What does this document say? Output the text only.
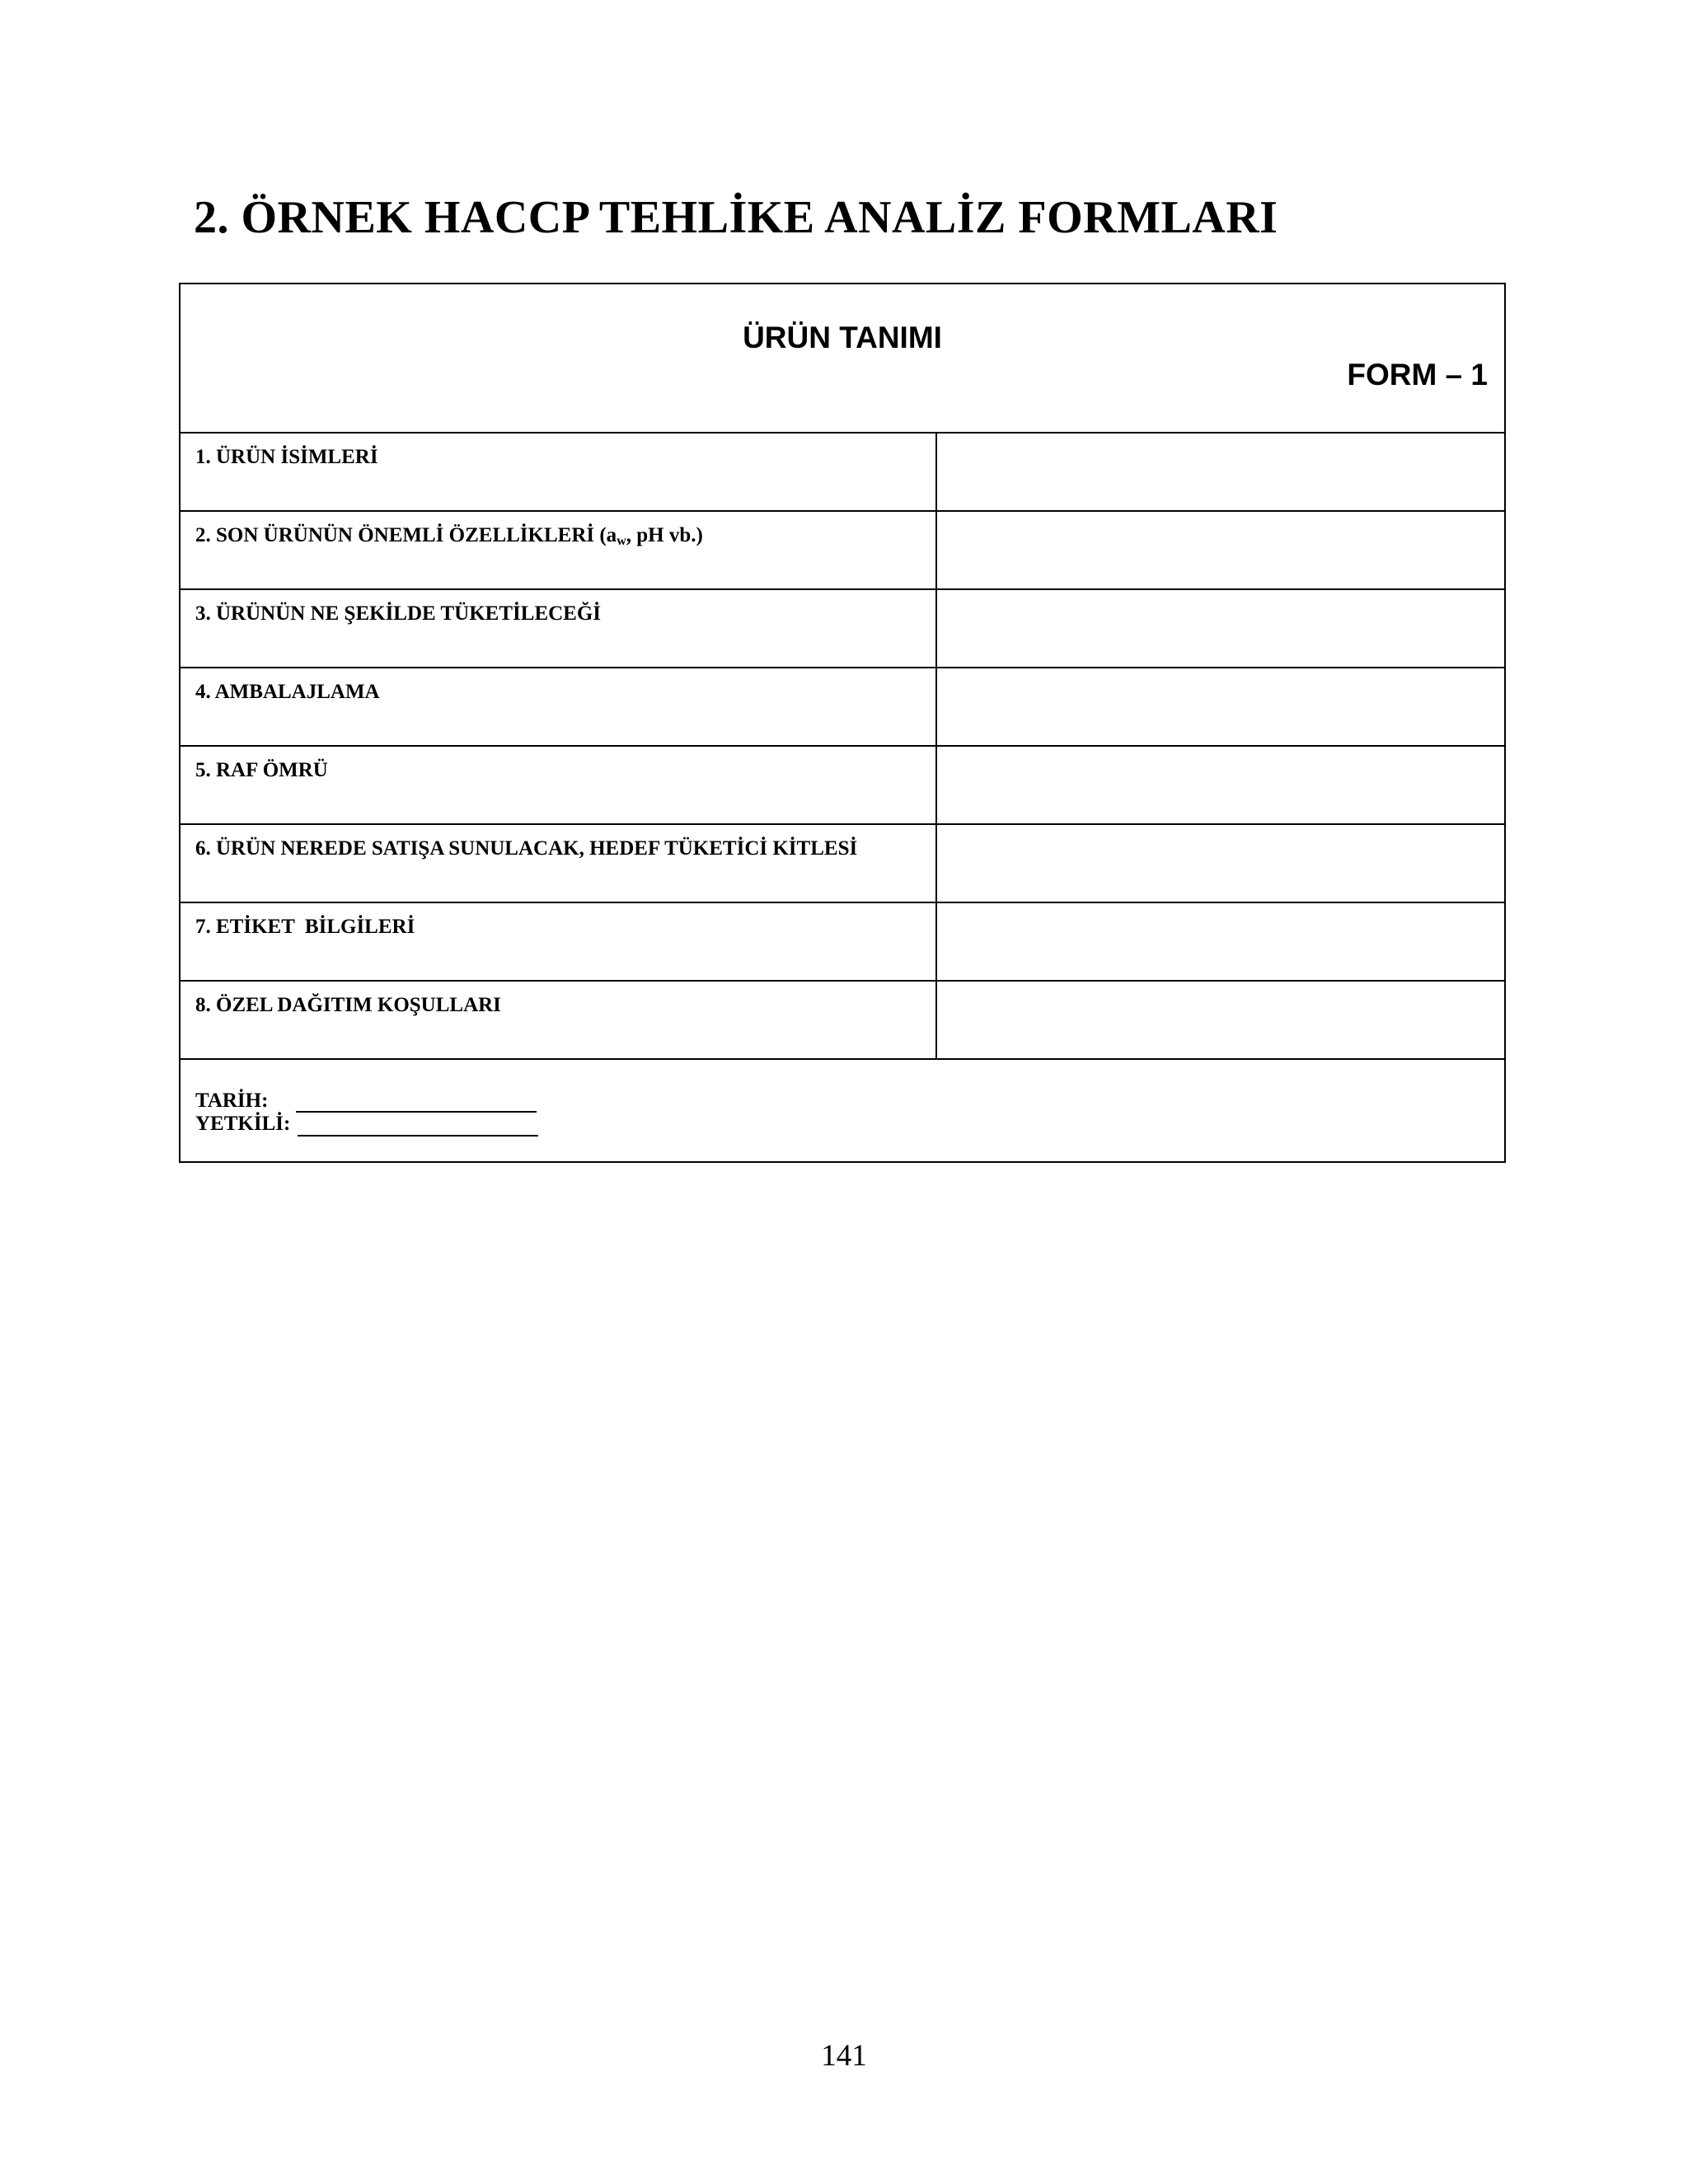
2. ÖRNEK HACCP TEHLİKE ANALİZ FORMLARI
ÜRÜN TANIMI
FORM – 1
1. ÜRÜN İSİMLERİ
2. SON ÜRÜNÜN ÖNEMLİ ÖZELLİKLERİ ($a_w$, pH vb.)
3. ÜRÜNÜN NE ŞEKİLDE TÜKETİLECEĞİ
4. AMBALAJLAMA
5. RAF ÖMRÜ
6. ÜRÜN NEREDE SATIŞA SUNULACAK, HEDEF TÜKETİCİ KİTLESİ
7. ETİKET  BİLGİLERİ
8. ÖZEL DAĞITIM KOŞULLARI
TARİH:
YETKİLİ:
141
